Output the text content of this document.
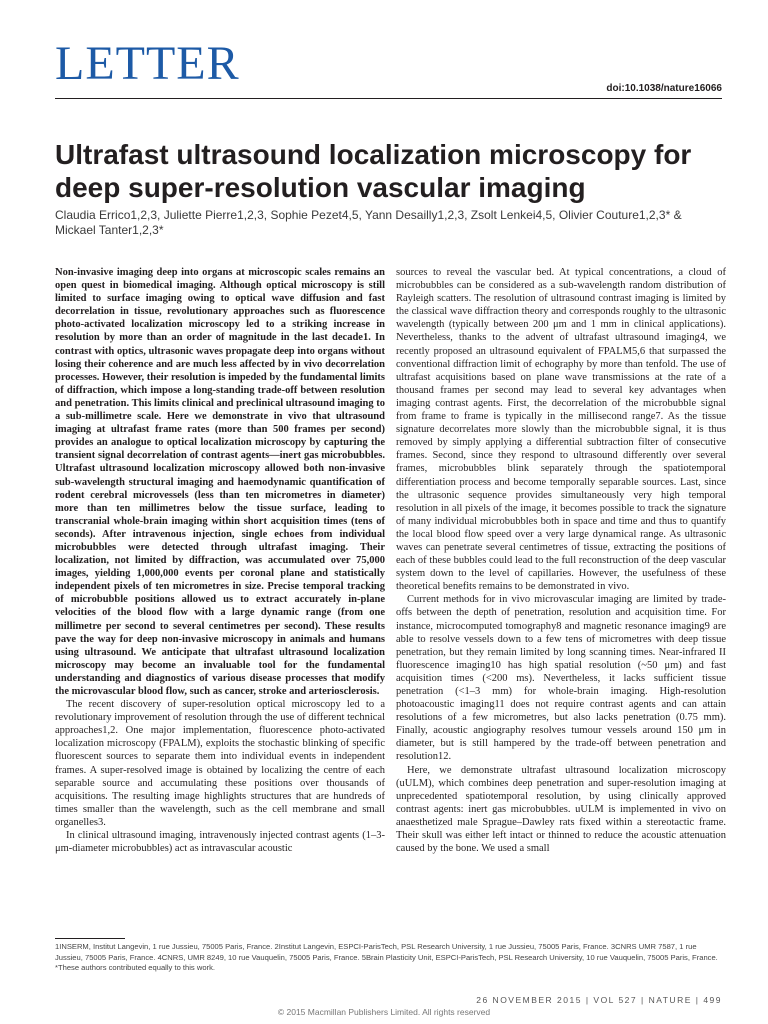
LETTER	doi:10.1038/nature16066
Ultrafast ultrasound localization microscopy for deep super-resolution vascular imaging
Claudia Errico1,2,3, Juliette Pierre1,2,3, Sophie Pezet4,5, Yann Desailly1,2,3, Zsolt Lenkei4,5, Olivier Couture1,2,3* & Mickael Tanter1,2,3*

Non-invasive imaging deep into organs at microscopic scales remains an open quest in biomedical imaging. Although optical microscopy is still limited to surface imaging owing to optical wave diffusion and fast decorrelation in tissue, revolutionary approaches such as fluorescence photo-activated localization microscopy led to a striking increase in resolution by more than an order of magnitude in the last decade1. In contrast with optics, ultrasonic waves propagate deep into organs without losing their coherence and are much less affected by in vivo decorrelation processes. However, their resolution is impeded by the fundamental limits of diffraction, which impose a long-standing trade-off between resolution and penetration. This limits clinical and preclinical ultrasound imaging to a sub-millimetre scale. Here we demonstrate in vivo that ultrasound imaging at ultrafast frame rates (more than 500 frames per second) provides an analogue to optical localization microscopy by capturing the transient signal decorrelation of contrast agents—inert gas microbubbles. Ultrafast ultrasound localization microscopy allowed both non-invasive sub-wavelength structural imaging and haemodynamic quantification of rodent cerebral microvessels (less than ten micrometres in diameter) more than ten millimetres below the tissue surface, leading to transcranial whole-brain imaging within short acquisition times (tens of seconds). After intravenous injection, single echoes from individual microbubbles were detected through ultrafast imaging. Their localization, not limited by diffraction, was accumulated over 75,000 images, yielding 1,000,000 events per coronal plane and statistically independent pixels of ten micrometres in size. Precise temporal tracking of microbubble positions allowed us to extract accurately in-plane velocities of the blood flow with a large dynamic range (from one millimetre per second to several centimetres per second). These results pave the way for deep non-invasive microscopy in animals and humans using ultrasound. We anticipate that ultrafast ultrasound localization microscopy may become an invaluable tool for the fundamental understanding and diagnostics of various disease processes that modify the microvascular blood flow, such as cancer, stroke and arteriosclerosis.

The recent discovery of super-resolution optical microscopy led to a revolutionary improvement of resolution through the use of different technical approaches1,2. One major implementation, fluorescence photo-activated localization microscopy (FPALM), exploits the stochastic blinking of specific fluorescent sources to separate them into individual events in independent frames. A super-resolved image is obtained by localizing the centre of each separable source and accumulating these positions over thousands of acquisitions. The resulting image highlights structures that are hundreds of times smaller than the wavelength, such as the cell membrane and small organelles3.

In clinical ultrasound imaging, intravenously injected contrast agents (1–3-μm-diameter microbubbles) act as intravascular acoustic

sources to reveal the vascular bed. At typical concentrations, a cloud of microbubbles can be considered as a sub-wavelength random distribution of Rayleigh scatters. The resolution of ultrasound contrast imaging is limited by the classical wave diffraction theory and corresponds roughly to the ultrasonic wavelength (typically between 200 μm and 1 mm in clinical applications). Nevertheless, thanks to the advent of ultrafast ultrasound imaging4, we recently proposed an ultrasound equivalent of FPALM5,6 that surpassed the conventional diffraction limit of echography by more than tenfold. The use of ultrafast acquisitions based on plane wave transmissions at the rate of a thousand frames per second may lead to several key advantages when imaging contrast agents. First, the decorrelation of the microbubble signal from frame to frame is typically in the millisecond range7. As the tissue signature decorrelates more slowly than the microbubble signal, it is thus removed by simply applying a differential subtraction filter of consecutive frames. Second, since they respond to ultrasound differently over several frames, microbubbles blink separately through the spatiotemporal differentiation process and become temporally separable sources. Last, since the ultrasonic sequence provides simultaneously very high temporal resolution in all pixels of the image, it becomes possible to track the signature of many individual microbubbles both in space and time and thus to quantify the local blood flow speed over a very large dynamical range. As ultrasonic waves can penetrate several centimetres of tissue, extracting the positions of each of these bubbles could lead to the full reconstruction of the deep vascular system down to the level of capillaries. However, the usefulness of these theoretical benefits remains to be demonstrated in vivo.

Current methods for in vivo microvascular imaging are limited by trade-offs between the depth of penetration, resolution and acquisition time. For instance, microcomputed tomography8 and magnetic resonance imaging9 are able to resolve vessels down to a few tens of micrometres with deep tissue penetration, but they remain limited by long scanning times. Near-infrared II fluorescence imaging10 has high spatial resolution (~50 μm) and fast acquisition times (<200 ms). Nevertheless, it lacks sufficient tissue penetration (<1–3 mm) for whole-brain imaging. High-resolution photoacoustic imaging11 does not require contrast agents and can attain resolutions of a few micrometres, but also lacks penetration (0.75 mm). Finally, acoustic angiography resolves tumour vessels around 150 μm in diameter, but is still hampered by the trade-off between penetration and resolution12.

Here, we demonstrate ultrafast ultrasound localization microscopy (uULM), which combines deep penetration and super-resolution imaging at unprecedented spatiotemporal resolution, by using clinically approved contrast agents: inert gas microbubbles. uULM is implemented in vivo on anaesthetized male Sprague–Dawley rats fixed within a stereotactic frame. Their skull was either left intact or thinned to reduce the acoustic attenuation caused by the bone. We used a small

1INSERM, Institut Langevin, 1 rue Jussieu, 75005 Paris, France. 2Institut Langevin, ESPCI-ParisTech, PSL Research University, 1 rue Jussieu, 75005 Paris, France. 3CNRS UMR 7587, 1 rue Jussieu, 75005 Paris, France. 4CNRS, UMR 8249, 10 rue Vauquelin, 75005 Paris, France. 5Brain Plasticity Unit, ESPCI-ParisTech, PSL Research University, 10 rue Vauquelin, 75005 Paris, France.

*These authors contributed equally to this work.

26 NOVEMBER 2015 | VOL 527 | NATURE | 499
© 2015 Macmillan Publishers Limited. All rights reserved
